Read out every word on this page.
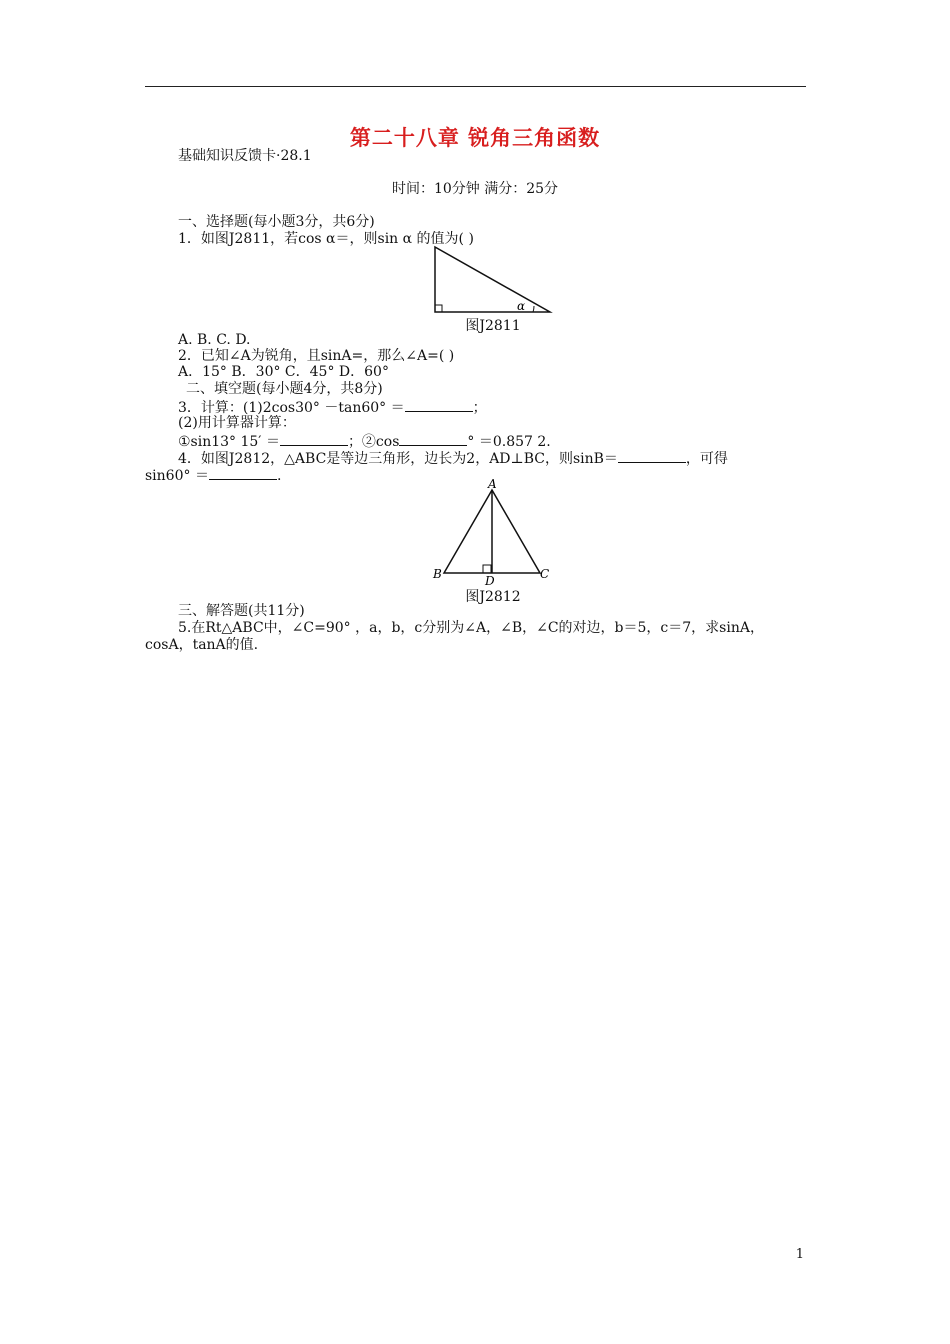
第二十八章 锐角三角函数
基础知识反馈卡·28.1
时间：10分钟 满分：25分
一、选择题(每小题3分，共6分)
1．如图J2811，若cos α＝，则sin α 的值为( )
α
图J2811
A. B. C. D.
2．已知∠A为锐角，且sinA=，那么∠A=( )
A．15° B．30° C．45° D．60°
二、填空题(每小题4分，共8分)
3．计算：(1)2cos30° －tan60° ＝	；
(2)用计算器计算：
①sin13° 15′ ＝	；②cos	° ＝0.857 2.
4．如图J2812，△ABC是等边三角形，边长为2，AD⊥BC，则sinB＝	，可得
sin60° ＝	.	A
B	C
D
图J2812
三、解答题(共11分)
5.在Rt△ABC中，∠C=90° ，a，b，c分别为∠A，∠B，∠C的对边，b＝5，c＝7，求sinA，
cosA，tanA的值.
1
